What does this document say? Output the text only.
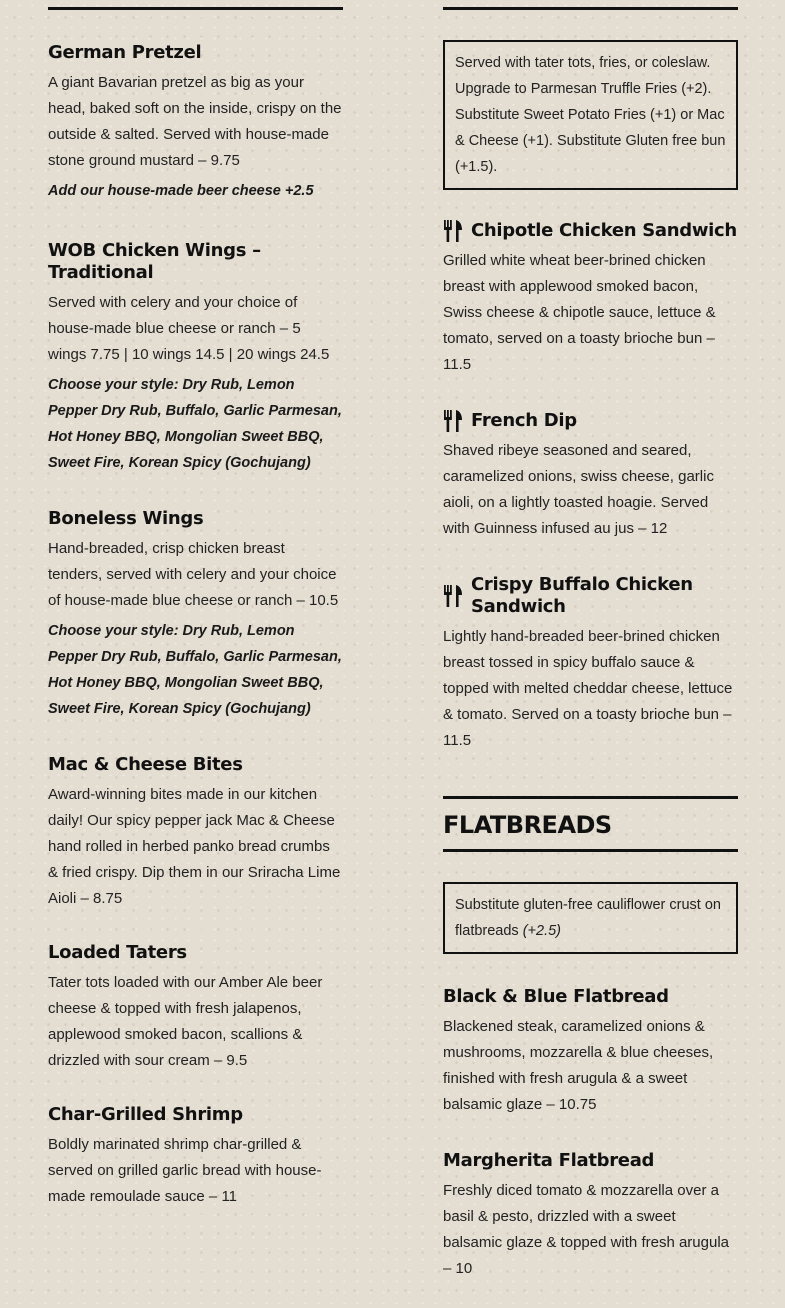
German Pretzel

A giant Bavarian pretzel as big as your head, baked soft on the inside, crispy on the outside & salted. Served with house-made stone ground mustard – 9.75

Add our house-made beer cheese +2.5

WOB Chicken Wings – Traditional

Served with celery and your choice of house-made blue cheese or ranch – 5 wings 7.75 | 10 wings 14.5 | 20 wings 24.5

Choose your style: Dry Rub, Lemon Pepper Dry Rub, Buffalo, Garlic Parmesan, Hot Honey BBQ, Mongolian Sweet BBQ, Sweet Fire, Korean Spicy (Gochujang)

Boneless Wings

Hand-breaded, crisp chicken breast tenders, served with celery and your choice of house-made blue cheese or ranch – 10.5

Choose your style: Dry Rub, Lemon Pepper Dry Rub, Buffalo, Garlic Parmesan, Hot Honey BBQ, Mongolian Sweet BBQ, Sweet Fire, Korean Spicy (Gochujang)

Mac & Cheese Bites

Award-winning bites made in our kitchen daily! Our spicy pepper jack Mac & Cheese hand rolled in herbed panko bread crumbs & fried crispy. Dip them in our Sriracha Lime Aioli – 8.75

Loaded Taters

Tater tots loaded with our Amber Ale beer cheese & topped with fresh jalapenos, applewood smoked bacon, scallions & drizzled with sour cream – 9.5

Char-Grilled Shrimp

Boldly marinated shrimp char-grilled & served on grilled garlic bread with house-made remoulade sauce – 11

Served with tater tots, fries, or coleslaw. Upgrade to Parmesan Truffle Fries (+2). Substitute Sweet Potato Fries (+1) or Mac & Cheese (+1). Substitute Gluten free bun (+1.5).
Chipotle Chicken Sandwich

Grilled white wheat beer-brined chicken breast with applewood smoked bacon, Swiss cheese & chipotle sauce, lettuce & tomato, served on a toasty brioche bun – 11.5

French Dip

Shaved ribeye seasoned and seared, caramelized onions, swiss cheese, garlic aioli, on a lightly toasted hoagie. Served with Guinness infused au jus – 12

Crispy Buffalo Chicken Sandwich

Lightly hand-breaded beer-brined chicken breast tossed in spicy buffalo sauce & topped with melted cheddar cheese, lettuce & tomato. Served on a toasty brioche bun – 11.5

FLATBREADS
Substitute gluten-free cauliflower crust on flatbreads (+2.5)
Black & Blue Flatbread

Blackened steak, caramelized onions & mushrooms, mozzarella & blue cheeses, finished with fresh arugula & a sweet balsamic glaze – 10.75

Margherita Flatbread

Freshly diced tomato & mozzarella over a basil & pesto, drizzled with a sweet balsamic glaze & topped with fresh arugula – 10
